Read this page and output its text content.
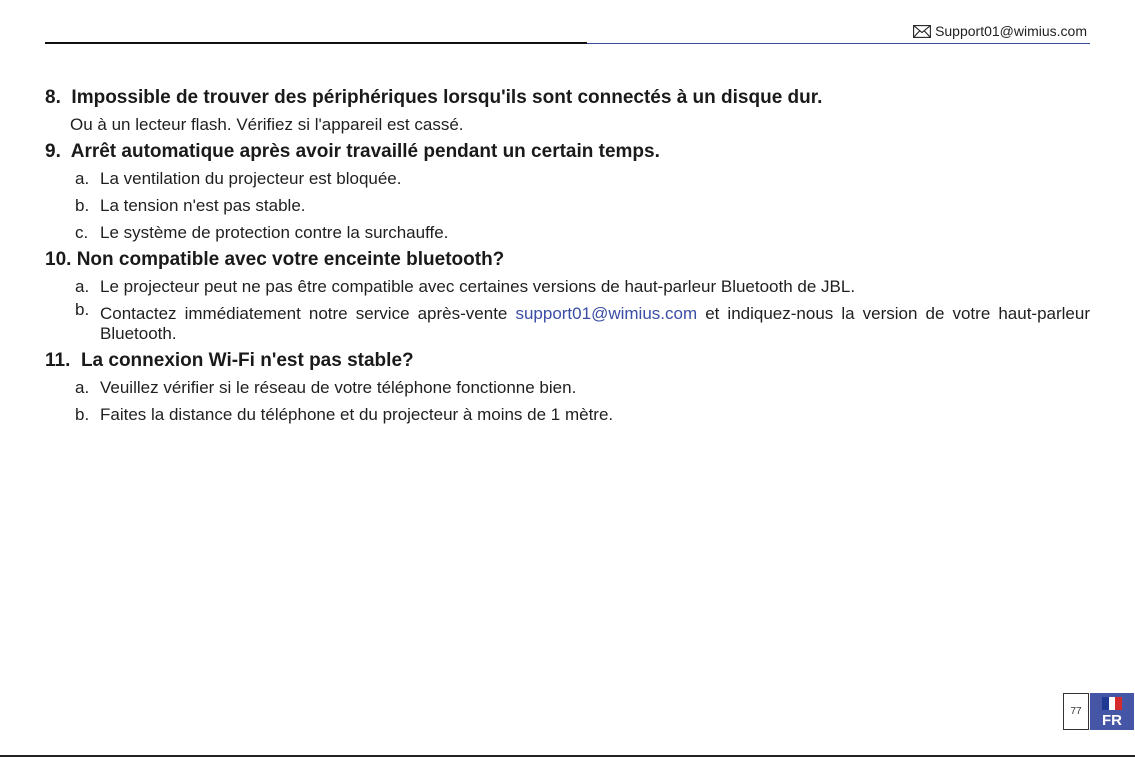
Support01@wimius.com

8. Impossible de trouver des périphériques lorsqu'ils sont connectés à un disque dur.

Ou à un lecteur flash. Vérifiez si l'appareil est cassé.

9. Arrêt automatique après avoir travaillé pendant un certain temps.

a. La ventilation du projecteur est bloquée.
b. La tension n'est pas stable.
c. Le système de protection contre la surchauffe.

10. Non compatible avec votre enceinte bluetooth?

a. Le projecteur peut ne pas être compatible avec certaines versions de haut-parleur Bluetooth de JBL.
b. Contactez immédiatement notre service après-vente support01@wimius.com et indiquez-nous la version de votre haut-parleur Bluetooth.

11. La connexion Wi-Fi n'est pas stable?

a. Veuillez vérifier si le réseau de votre téléphone fonctionne bien.
b. Faites la distance du téléphone et du projecteur à moins de 1 mètre.
77
FR
